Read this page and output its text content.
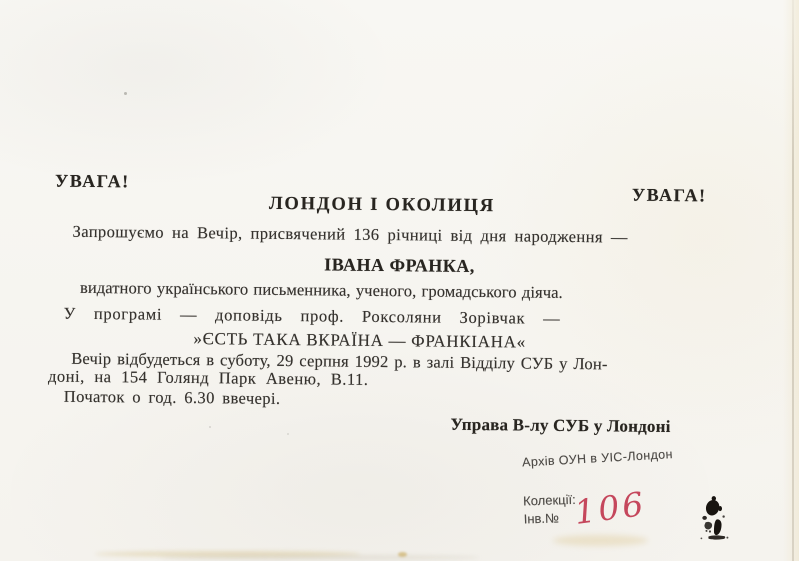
УВАГА!
УВАГА!
ЛОНДОН І ОКОЛИЦЯ
Запрошуємо на Вечір, присвячений 136 річниці від дня народження —
ІВАНА ФРАНКА,
видатного українського письменника, ученого, громадського діяча.
У програмі — доповідь проф. Роксоляни Зорівчак —
»ЄСТЬ ТАКА ВКРАЇНА — ФРАНКІАНА«
Вечір відбудеться в суботу, 29 серпня 1992 р. в залі Відділу СУБ у Лон-
доні, на 154 Голянд Парк Авеню, В.11.
Початок о год. 6.30 ввечері.
Управа В-лу СУБ у Лондоні
Архів ОУН в УІС-Лондон
Колекції:
Інв.№ 106
